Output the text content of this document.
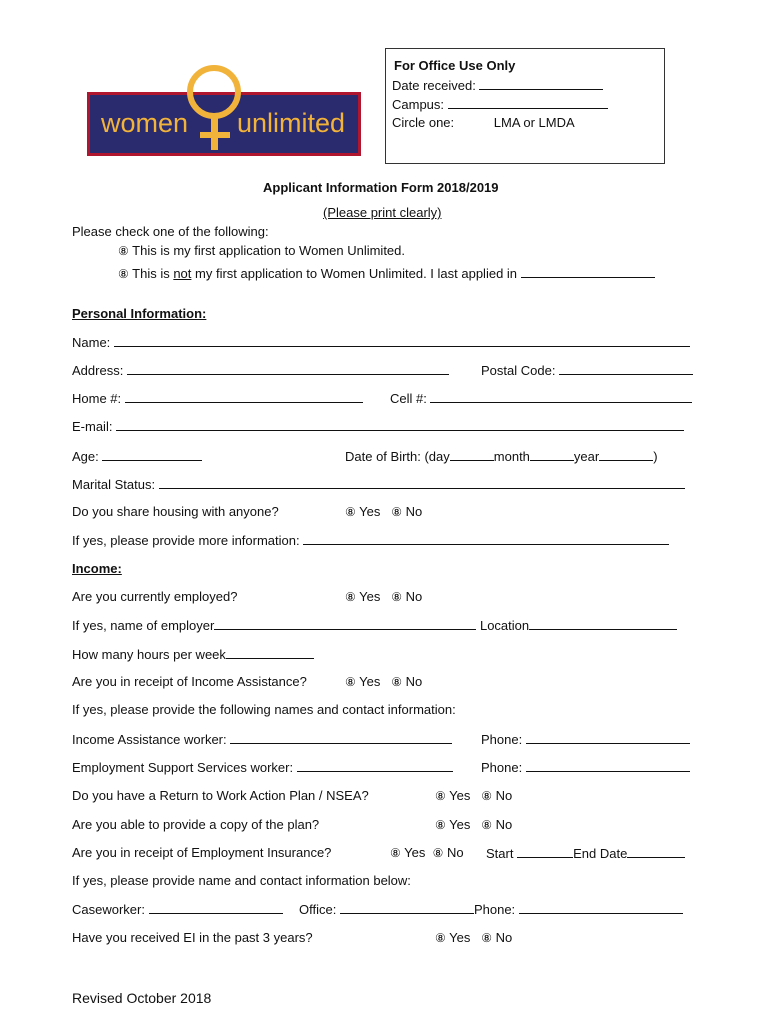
women unlimited
For Office Use Only
Date received:
Campus:
Circle one:	LMA or LMDA
Applicant Information Form 2018/2019
(Please print clearly)
Please check one of the following:
⑧ This is my first application to Women Unlimited.
⑧ This is not my first application to Women Unlimited. I last applied in
Personal Information:
Name:
Address:	Postal Code:
Home #:	Cell #:
E-mail:
Age:	Date of Birth: (day	month	year	)
Marital Status:
Do you share housing with anyone?	⑧ Yes ⑧ No
If yes, please provide more information:
Income:
Are you currently employed?	⑧ Yes ⑧ No
If yes, name of employer	Location
How many hours per week
Are you in receipt of Income Assistance?	⑧ Yes ⑧ No
If yes, please provide the following names and contact information:
Income Assistance worker:	Phone:
Employment Support Services worker:	Phone:
Do you have a Return to Work Action Plan / NSEA?	⑧ Yes ⑧ No
Are you able to provide a copy of the plan?	⑧ Yes ⑧ No
Are you in receipt of Employment Insurance?	⑧ Yes ⑧ No Start	End Date
If yes, please provide name and contact information below:
Caseworker:	Office:	Phone:
Have you received EI in the past 3 years?	⑧ Yes ⑧ No
Revised October 2018
